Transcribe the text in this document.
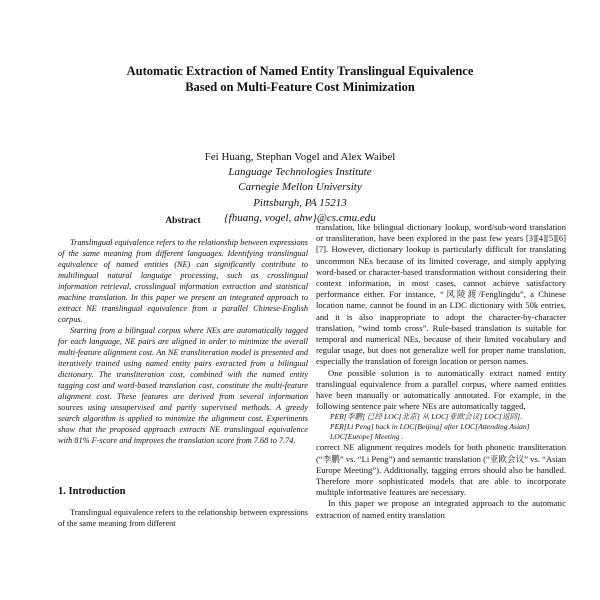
Automatic Extraction of Named Entity Translingual Equivalence
Based on Multi-Feature Cost Minimization
Fei Huang, Stephan Vogel and Alex Waibel
Language Technologies Institute
Carnegie Mellon University
Pittsburgh, PA 15213
{fhuang, vogel, ahw}@cs.cmu.edu
Abstract

Translingual equivalence refers to the relationship between expressions of the same meaning from different languages. Identifying translingual equivalence of named entities (NE) can significantly contribute to multilingual natural language processing, such as crosslingual information retrieval, crosslingual information extraction and statistical machine translation. In this paper we present an integrated approach to extract NE translingual equivalence from a parallel Chinese-English corpus.

Starting from a bilingual corpus where NEs are automatically tagged for each language, NE pairs are aligned in order to minimize the overall multi-feature alignment cost. An NE transliteration model is presented and iteratively trained using named entity pairs extracted from a bilingual dictionary. The transliteration cost, combined with the named entity tagging cost and word-based translation cost, constitute the multi-feature alignment cost. These features are derived from several information sources using unsupervised and partly supervised methods. A greedy search algorithm is applied to minimize the alignment cost. Experiments show that the proposed approach extracts NE translingual equivalence with 81% F-score and improves the translation score from 7.68 to 7.74.

1. Introduction

Translingual equivalence refers to the relationship between expressions of the same meaning from different

translation, like bilingual dictionary lookup, word/sub-word translation or transliteration, have been explored in the past few years [3][4][5][6][7]. However, dictionary lookup is particularly difficult for translating uncommon NEs because of its limited coverage, and simply applying word-based or character-based transformation without considering their context information, in most cases, cannot achieve satisfactory performance either. For instance, “风陵渡/Fenglingdu”, a Chinese location name, cannot be found in an LDC dictionary with 50k entries, and it is also inappropriate to adopt the character-by-character translation, “wind tomb cross”. Rule-based translation is suitable for temporal and numerical NEs, because of their limited vocabulary and regular usage, but does not generalize well for proper name translation, especially the translation of foreign location or person names.

One possible solution is to automatically extract named entity translingual equivalence from a parallel corpus, where named entities have been manually or automatically annotated. For example, in the following sentence pair where NEs are automatically tagged,

PER[李鹏] 已经 LOC[北京] 从 LOC[亚欧会议] LOC[返回].
PER[Li Peng] back in LOC[Beijing] after LOC[Attending Asian] LOC[Europe] Meeting .

correct NE alignment requires models for both phonetic transliteration (“李鹏” vs. “Li Peng”) and semantic translation (“亚欧会议” vs. “Asian Europe Meeting”). Additionally, tagging errors should also be handled. Therefore more sophisticated models that are able to incorporate multiple informative features are necessary.

In this paper we propose an integrated approach to the automatic extraction of named entity translation
